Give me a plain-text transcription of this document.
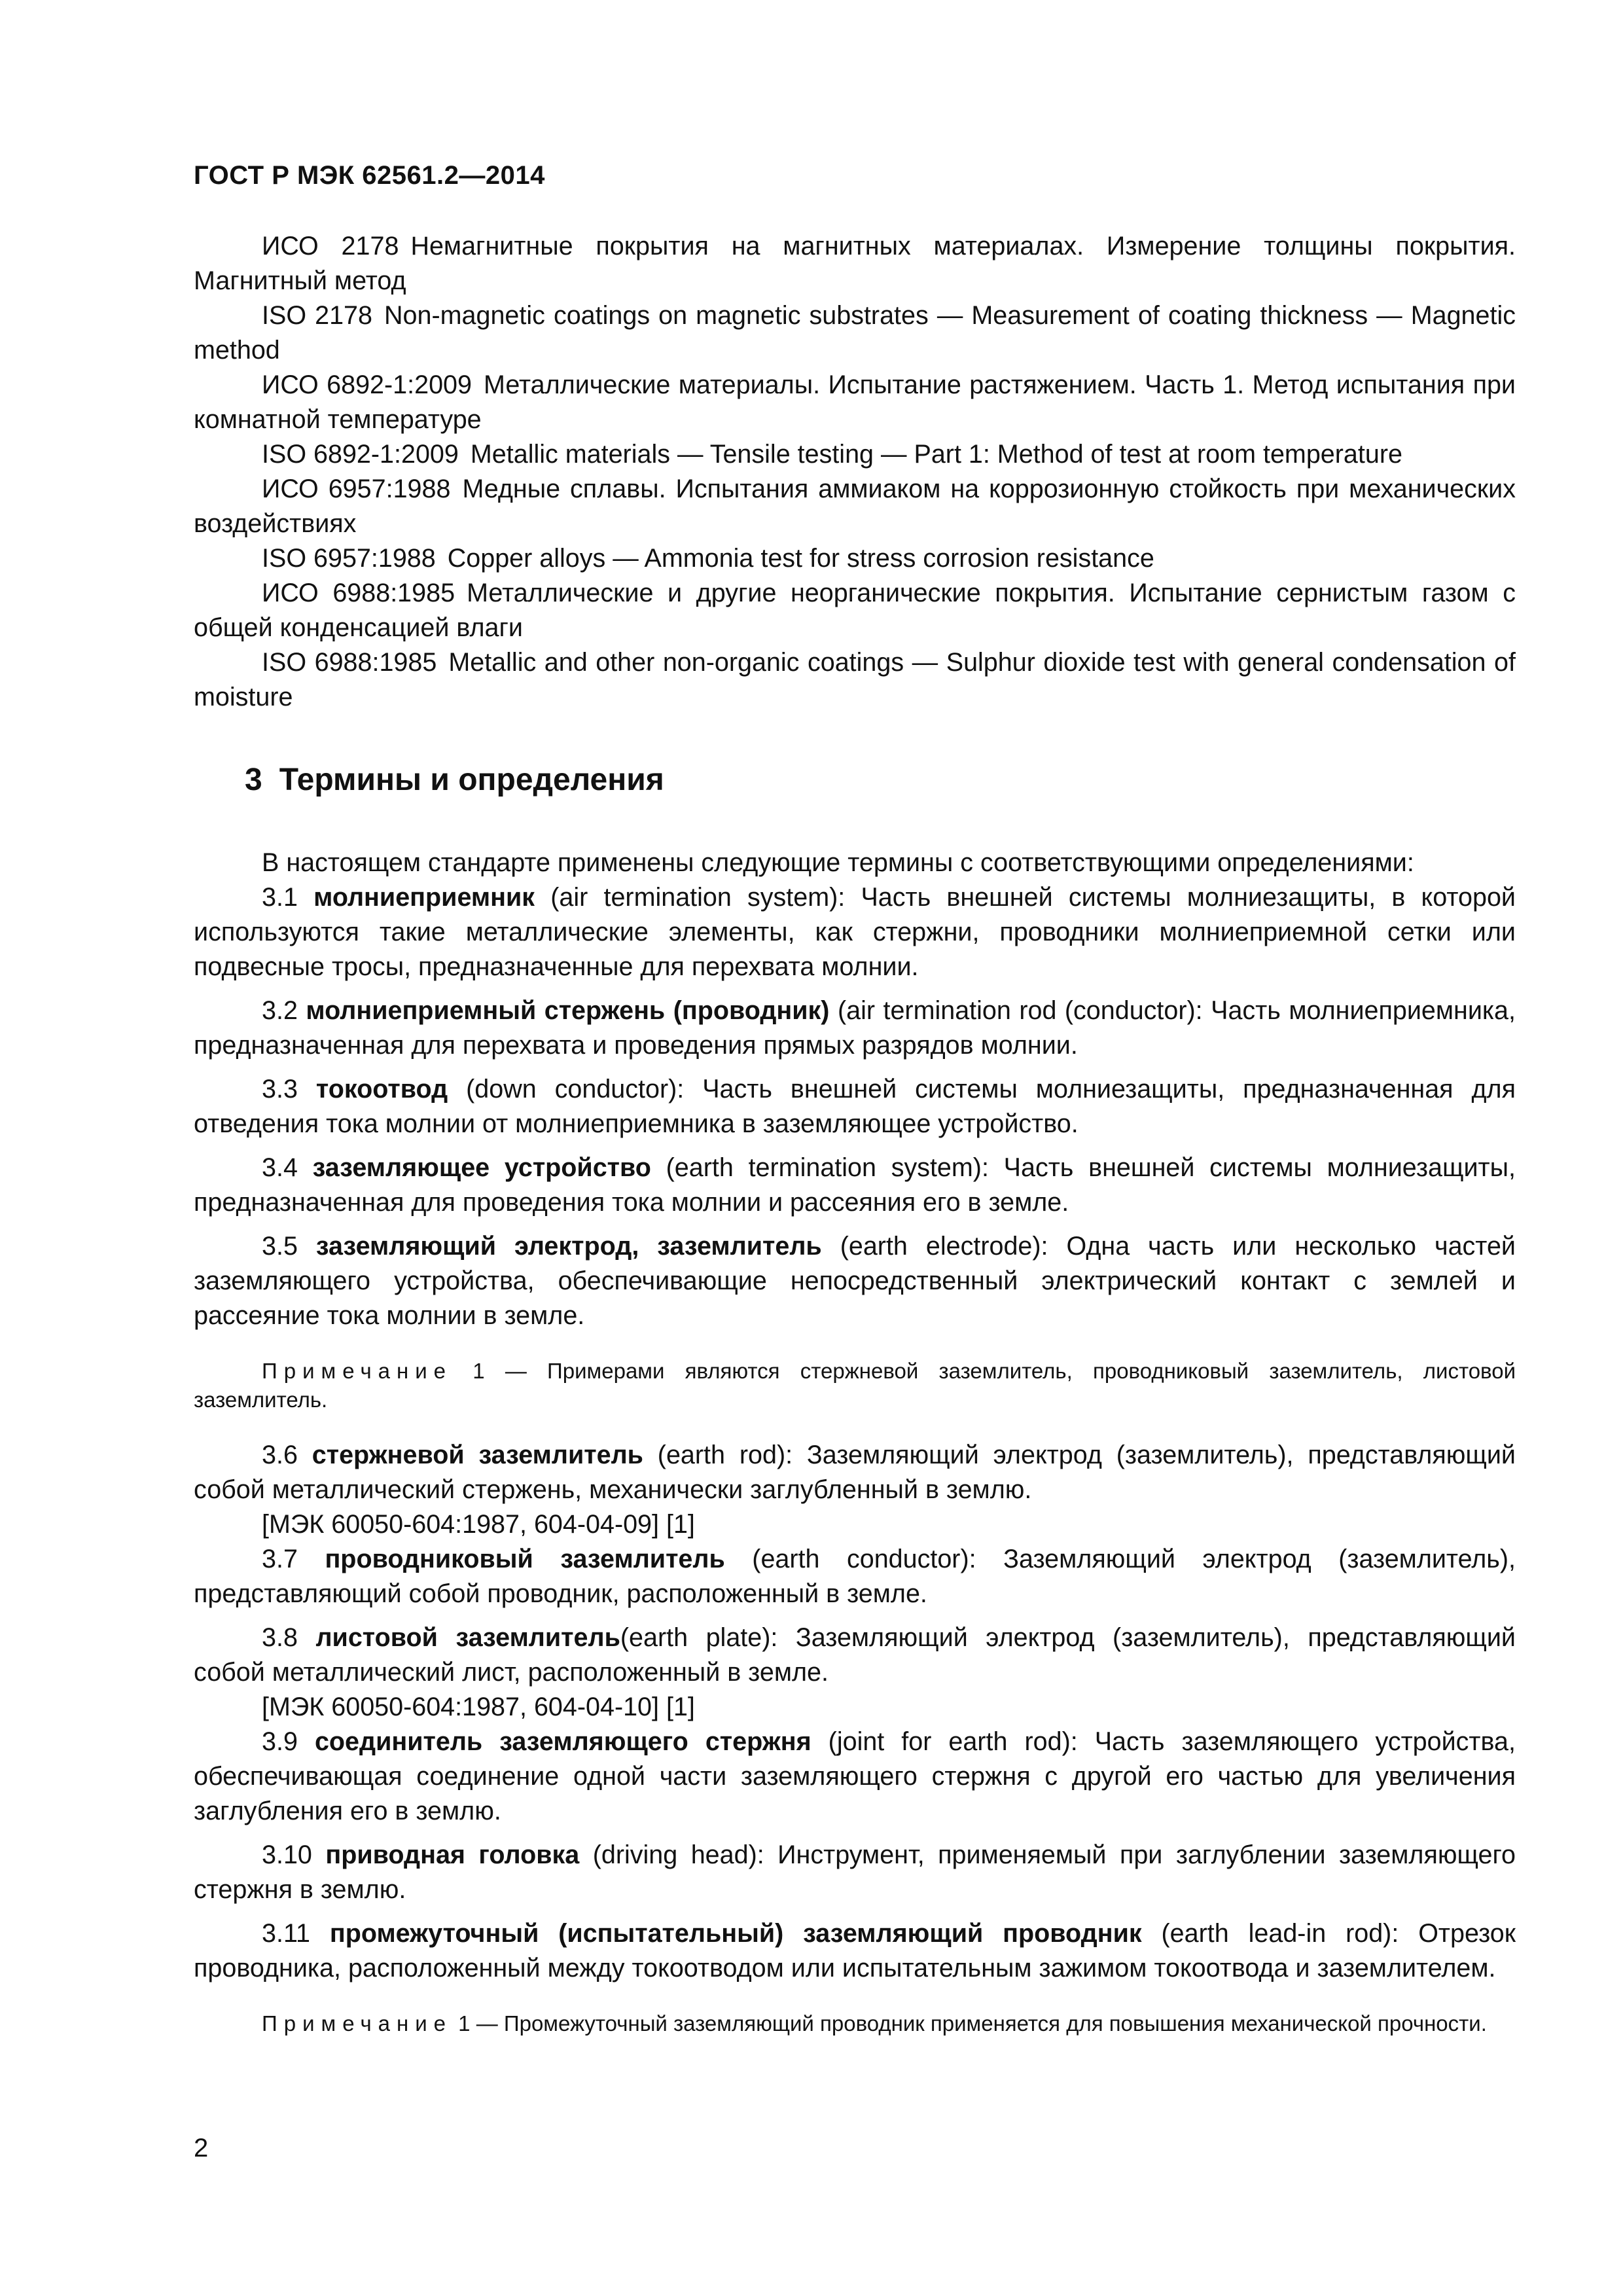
ГОСТ Р МЭК 62561.2—2014

ИСО 2178 Немагнитные покрытия на магнитных материалах. Измерение толщины покрытия. Магнитный метод

ISO 2178 Non-magnetic coatings on magnetic substrates — Measurement of coating thickness — Magnetic method

ИСО 6892-1:2009 Металлические материалы. Испытание растяжением. Часть 1. Метод испытания при комнатной температуре

ISO 6892-1:2009 Metallic materials — Tensile testing — Part 1: Method of test at room temperature

ИСО 6957:1988 Медные сплавы. Испытания аммиаком на коррозионную стойкость при механических воздействиях

ISO 6957:1988 Copper alloys — Ammonia test for stress corrosion resistance

ИСО 6988:1985 Металлические и другие неорганические покрытия. Испытание сернистым газом с общей конденсацией влаги

ISO 6988:1985 Metallic and other non-organic coatings — Sulphur dioxide test with general condensation of moisture

3 Термины и определения

В настоящем стандарте применены следующие термины с соответствующими определениями:

3.1 молниеприемник (air termination system): Часть внешней системы молниезащиты, в которой используются такие металлические элементы, как стержни, проводники молниеприемной сетки или подвесные тросы, предназначенные для перехвата молнии.

3.2 молниеприемный стержень (проводник) (air termination rod (conductor): Часть молниеприемника, предназначенная для перехвата и проведения прямых разрядов молнии.

3.3 токоотвод (down conductor): Часть внешней системы молниезащиты, предназначенная для отведения тока молнии от молниеприемника в заземляющее устройство.

3.4 заземляющее устройство (earth termination system): Часть внешней системы молниезащиты, предназначенная для проведения тока молнии и рассеяния его в земле.

3.5 заземляющий электрод, заземлитель (earth electrode): Одна часть или несколько частей заземляющего устройства, обеспечивающие непосредственный электрический контакт с землей и рассеяние тока молнии в земле.

Примечание 1 — Примерами являются стержневой заземлитель, проводниковый заземлитель, листовой заземлитель.

3.6 стержневой заземлитель (earth rod): Заземляющий электрод (заземлитель), представляющий собой металлический стержень, механически заглубленный в землю.

[МЭК 60050-604:1987, 604-04-09] [1]

3.7 проводниковый заземлитель (earth conductor): Заземляющий электрод (заземлитель), представляющий собой проводник, расположенный в земле.

3.8 листовой заземлитель(earth plate): Заземляющий электрод (заземлитель), представляющий собой металлический лист, расположенный в земле.

[МЭК 60050-604:1987, 604-04-10] [1]

3.9 соединитель заземляющего стержня (joint for earth rod): Часть заземляющего устройства, обеспечивающая соединение одной части заземляющего стержня с другой его частью для увеличения заглубления его в землю.

3.10 приводная головка (driving head): Инструмент, применяемый при заглублении заземляющего стержня в землю.

3.11 промежуточный (испытательный) заземляющий проводник (earth lead-in rod): Отрезок проводника, расположенный между токоотводом или испытательным зажимом токоотвода и заземлителем.

Примечание 1 — Промежуточный заземляющий проводник применяется для повышения механической прочности.

2
